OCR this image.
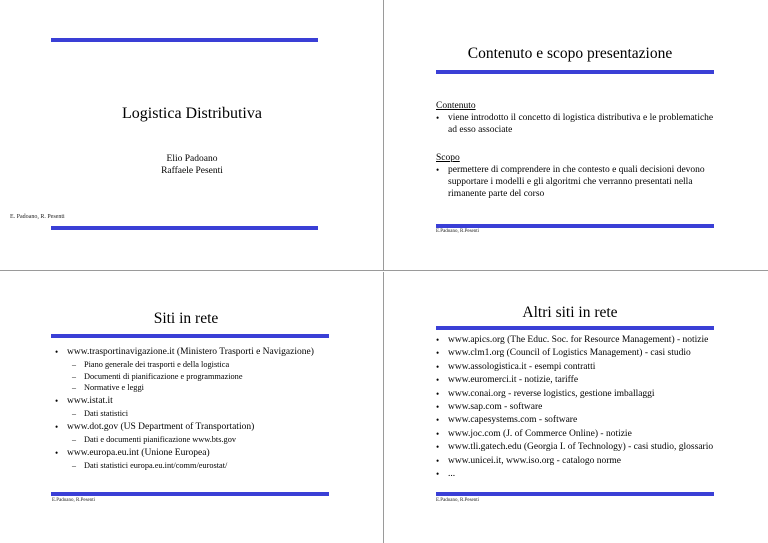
Logistica Distributiva
Elio Padoano
Raffaele Pesenti
E. Padoano, R. Pesenti
Contenuto e scopo presentazione
Contenuto
• viene introdotto il concetto di logistica distributiva e le problematiche
ad esso associate
Scopo
• permettere di comprendere in che contesto e quali decisioni devono
supportare i modelli e gli algoritmi che verranno presentati nella
rimanente parte del corso
E.Padoano, R.Pesenti
Siti in rete
• www.trasportinavigazione.it (Ministero Trasporti e Navigazione)
– Piano generale dei trasporti e della logistica
– Documenti di pianificazione e programmazione
– Normative e leggi
• www.istat.it
– Dati statistici
• www.dot.gov (US Department of Transportation)
– Dati e documenti pianificazione www.bts.gov
• www.europa.eu.int (Unione Europea)
– Dati statistici europa.eu.int/comm/eurostat/
E.Padoano, R.Pesenti
Altri siti in rete
• www.apics.org (The Educ. Soc. for Resource Management) - notizie
• www.clm1.org (Council of Logistics Management) - casi studio
• www.assologistica.it - esempi contratti
• www.euromerci.it - notizie, tariffe
• www.conai.org - reverse logistics, gestione imballaggi
• www.sap.com - software
• www.capesystems.com - software
• www.joc.com (J. of Commerce Online) - notizie
• www.tli.gatech.edu (Georgia I. of Technology) - casi studio, glossario
• www.unicei.it, www.iso.org - catalogo norme
• ...
E.Padoano, R.Pesenti
